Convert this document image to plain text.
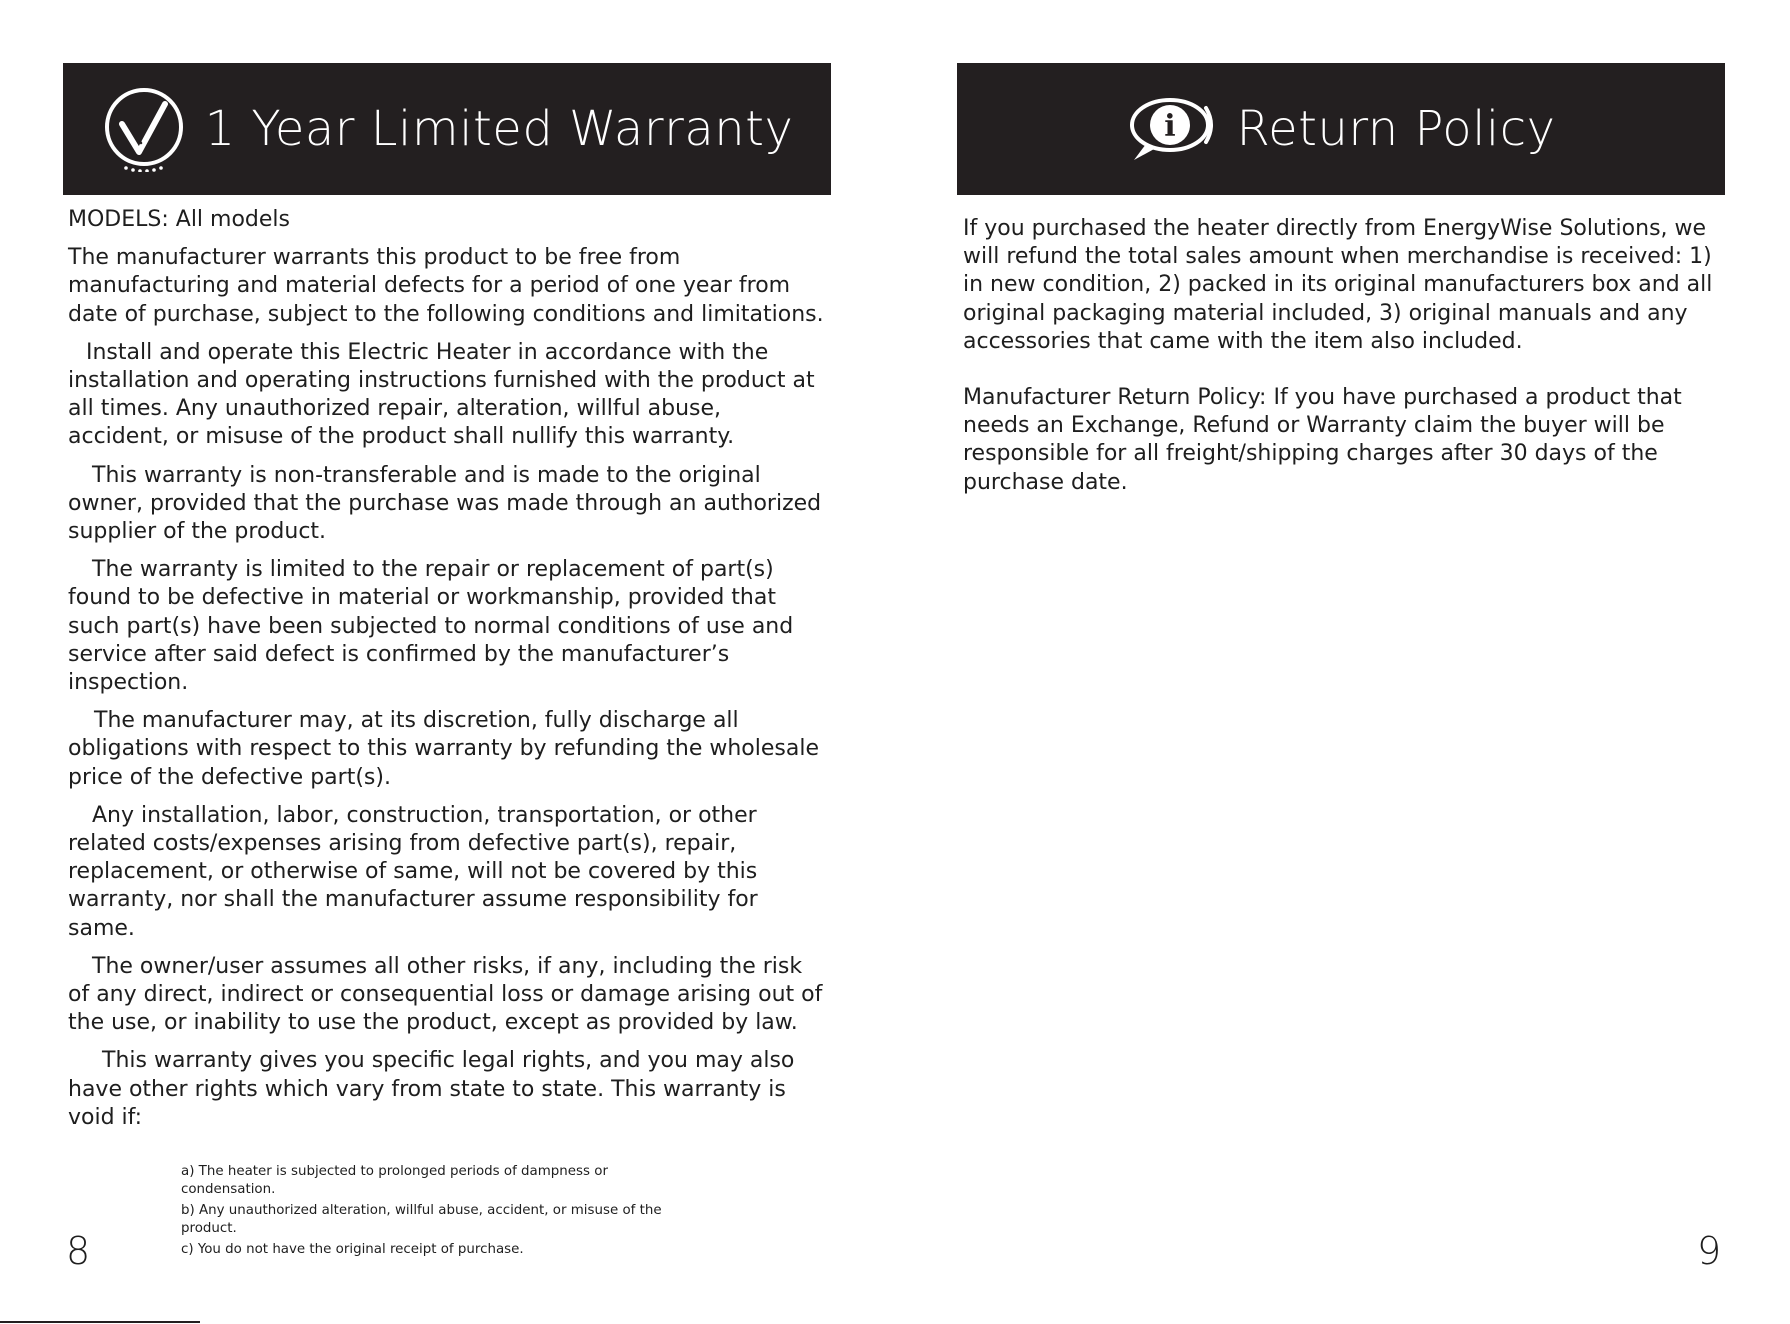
1 Year Limited Warranty

MODELS: All models

The manufacturer warrants this product to be free from manufacturing and material defects for a period of one year from date of purchase, subject to the following conditions and limitations.

Install and operate this Electric Heater in accordance with the installation and operating instructions furnished with the product at all times. Any unauthorized repair, alteration, willful abuse, accident, or misuse of the product shall nullify this warranty.

This warranty is non-transferable and is made to the original owner, provided that the purchase was made through an authorized supplier of the product.

The warranty is limited to the repair or replacement of part(s) found to be defective in material or workmanship, provided that such part(s) have been subjected to normal conditions of use and service after said defect is confirmed by the manufacturer’s inspection.

The manufacturer may, at its discretion, fully discharge all obligations with respect to this warranty by refunding the wholesale price of the defective part(s).

Any installation, labor, construction, transportation, or other related costs/expenses arising from defective part(s), repair, replacement, or otherwise of same, will not be covered by this warranty, nor shall the manufacturer assume responsibility for same.

The owner/user assumes all other risks, if any, including the risk of any direct, indirect or consequential loss or damage arising out of the use, or inability to use the product, except as provided by law.

This warranty gives you specific legal rights, and you may also have other rights which vary from state to state. This warranty is void if:

a) The heater is subjected to prolonged periods of dampness or condensation.
b) Any unauthorized alteration, willful abuse, accident, or misuse of the product.
c) You do not have the original receipt of purchase.
8
i Return Policy

If you purchased the heater directly from EnergyWise Solutions, we will refund the total sales amount when merchandise is received: 1) in new condition, 2) packed in its original manufacturers box and all original packaging material included, 3) original manuals and any accessories that came with the item also included.

Manufacturer Return Policy: If you have purchased a product that needs an Exchange, Refund or Warranty claim the buyer will be responsible for all freight/shipping charges after 30 days of the purchase date.

9
